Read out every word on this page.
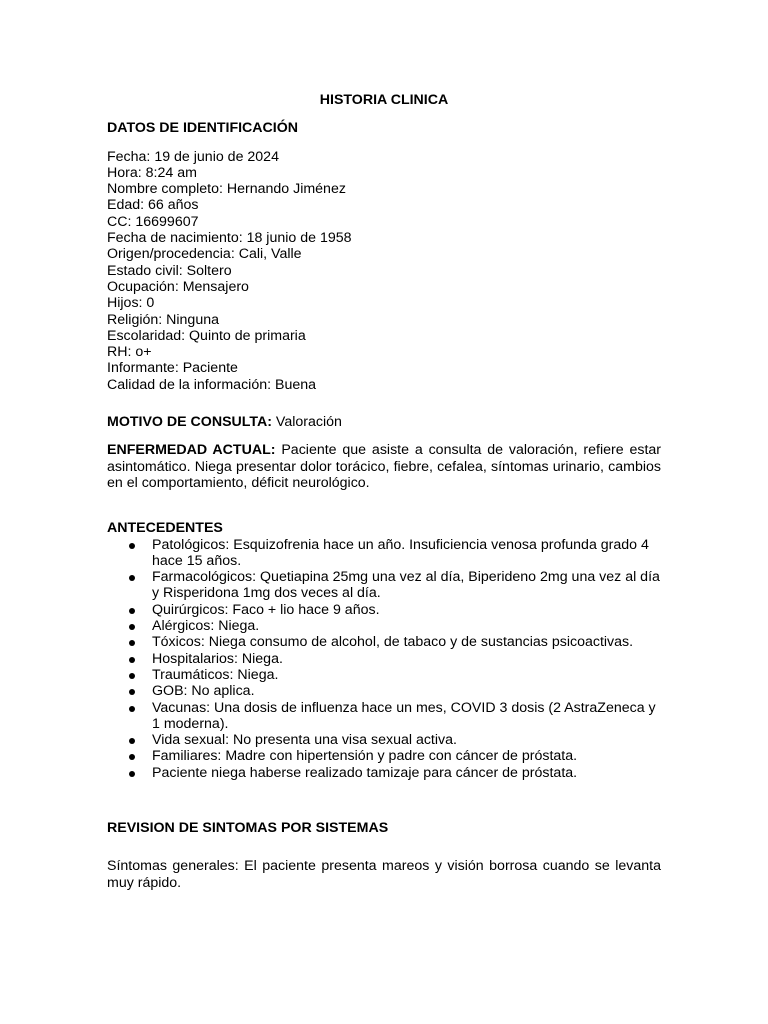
HISTORIA CLINICA

DATOS DE IDENTIFICACIÓN

Fecha: 19 de junio de 2024

Hora: 8:24 am

Nombre completo: Hernando Jiménez

Edad: 66 años

CC: 16699607

Fecha de nacimiento: 18 junio de 1958

Origen/procedencia: Cali, Valle

Estado civil: Soltero

Ocupación: Mensajero

Hijos: 0

Religión: Ninguna

Escolaridad: Quinto de primaria

RH: o+

Informante: Paciente

Calidad de la información: Buena

MOTIVO DE CONSULTA: Valoración

ENFERMEDAD ACTUAL: Paciente que asiste a consulta de valoración, refiere estar asintomático. Niega presentar dolor torácico, fiebre, cefalea, síntomas urinario, cambios en el comportamiento, déficit neurológico.

ANTECEDENTES

Patológicos: Esquizofrenia hace un año. Insuficiencia venosa profunda grado 4 hace 15 años.
Farmacológicos: Quetiapina 25mg una vez al día, Biperideno 2mg una vez al día y Risperidona 1mg dos veces al día.
Quirúrgicos: Faco + lio hace 9 años.
Alérgicos: Niega.
Tóxicos: Niega consumo de alcohol, de tabaco y de sustancias psicoactivas.
Hospitalarios: Niega.
Traumáticos: Niega.
GOB: No aplica.
Vacunas: Una dosis de influenza hace un mes, COVID 3 dosis (2 AstraZeneca y 1 moderna).
Vida sexual: No presenta una visa sexual activa.
Familiares: Madre con hipertensión y padre con cáncer de próstata.
Paciente niega haberse realizado tamizaje para cáncer de próstata.

REVISION DE SINTOMAS POR SISTEMAS

Síntomas generales: El paciente presenta mareos y visión borrosa cuando se levanta muy rápido.
